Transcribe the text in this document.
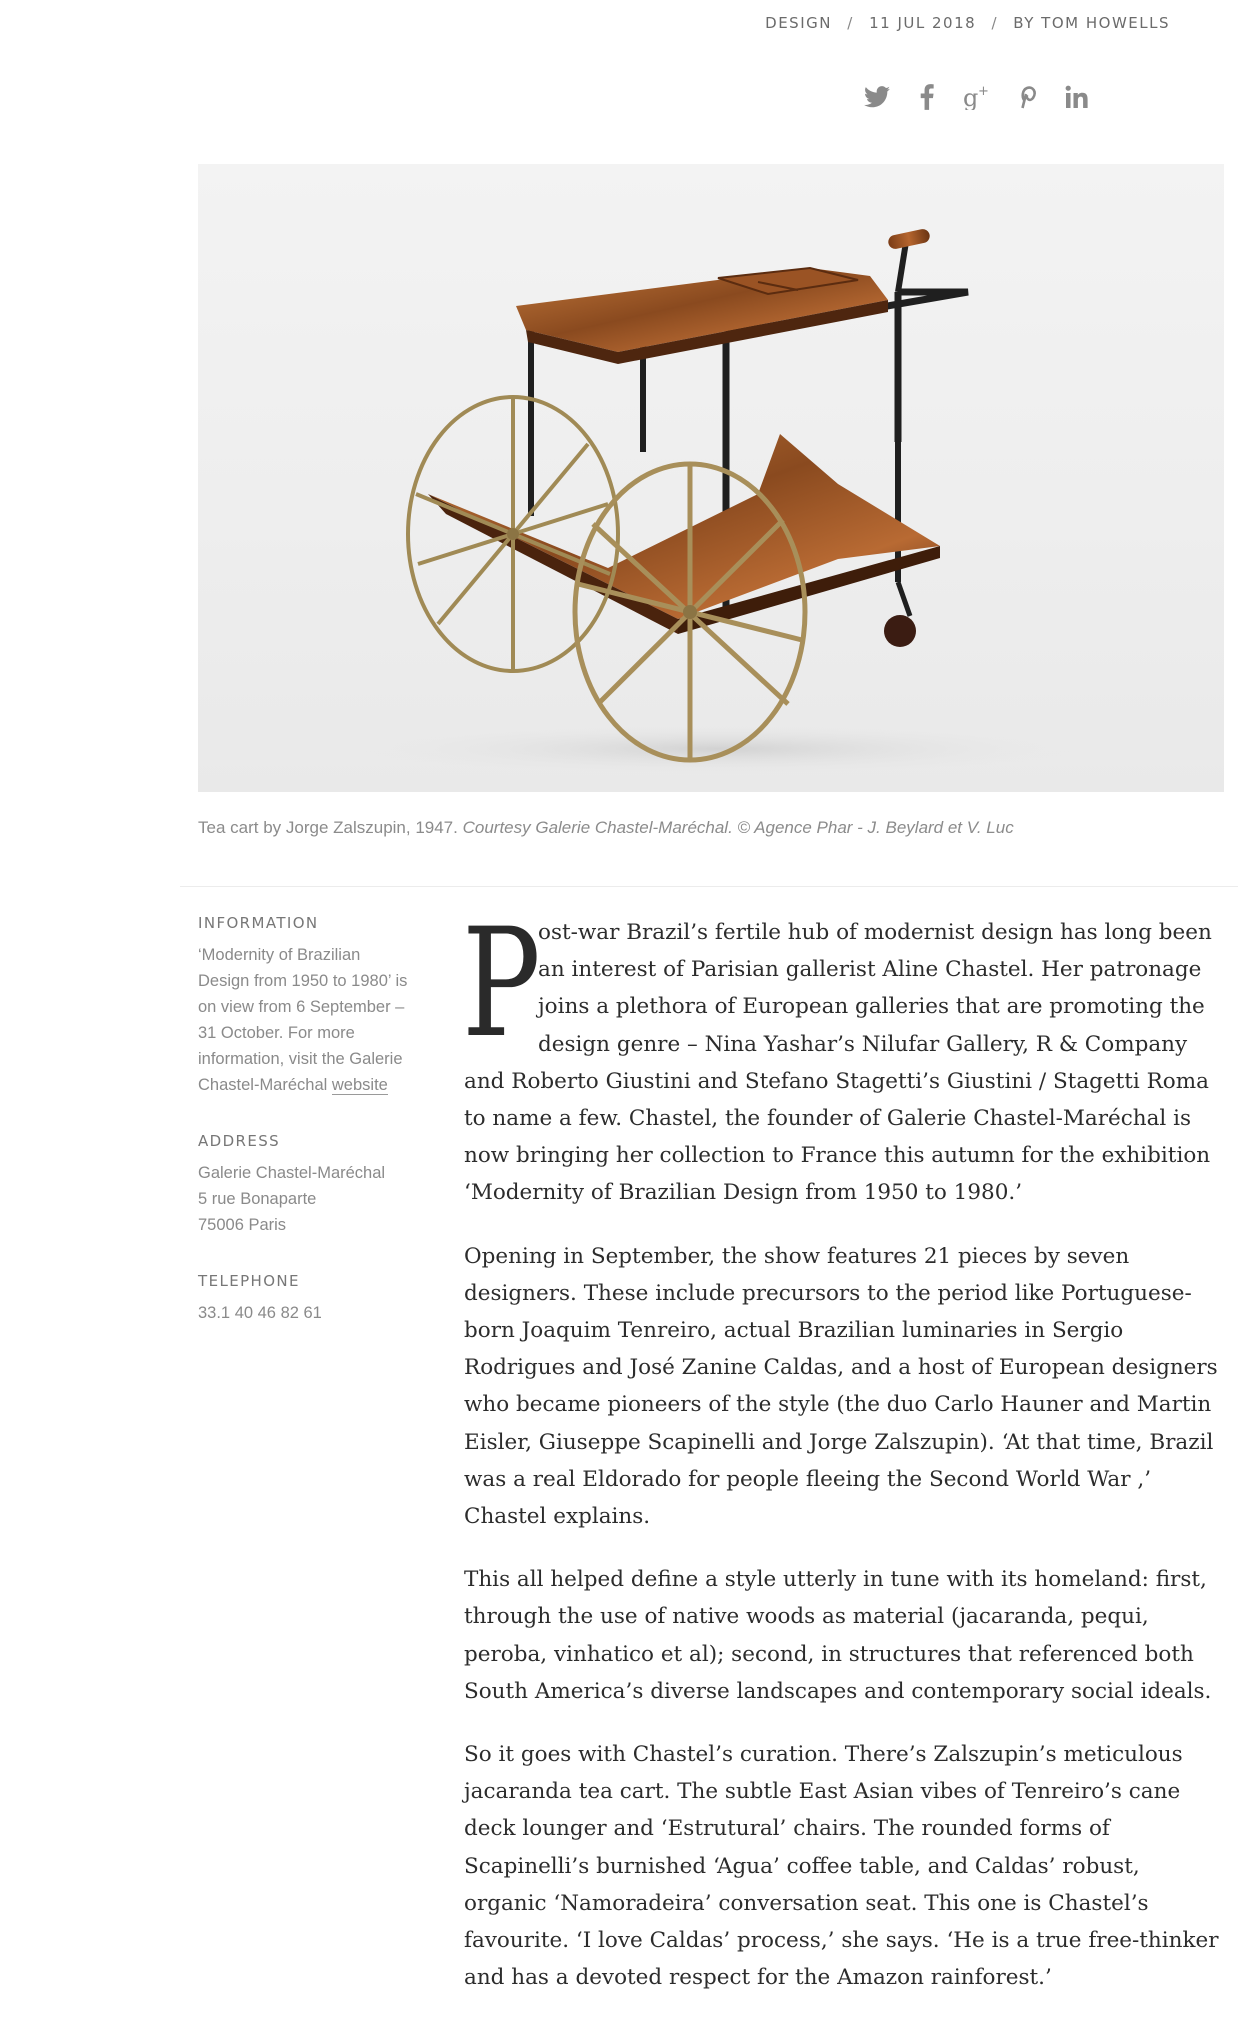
DESIGN / 11 JUL 2018 / BY TOM HOWELLS
g +
Tea cart by Jorge Zalszupin, 1947. Courtesy Galerie Chastel-Maréchal. © Agence Phar - J. Beylard et V. Luc
INFORMATION
‘Modernity of Brazilian
Design from 1950 to 1980’ is
on view from 6 September –
31 October. For more
information, visit the Galerie
Chastel-Maréchal website
ADDRESS
Galerie Chastel-Maréchal
5 rue Bonaparte
75006 Paris
TELEPHONE
33.1 40 46 82 61

P
ost-war Brazil’s fertile hub of modernist design has long been an interest of Parisian gallerist Aline Chastel. Her patronage joins a plethora of European galleries that are promoting the design genre – Nina Yashar’s Nilufar Gallery, R & Company and Roberto Giustini and Stefano Stagetti’s Giustini / Stagetti Roma to name a few. Chastel, the founder of Galerie Chastel-Maréchal is now bringing her collection to France this autumn for the exhibition ‘Modernity of Brazilian Design from 1950 to 1980.’

Opening in September, the show features 21 pieces by seven designers. These include precursors to the period like Portuguese-born Joaquim Tenreiro, actual Brazilian luminaries in Sergio Rodrigues and José Zanine Caldas, and a host of European designers who became pioneers of the style (the duo Carlo Hauner and Martin Eisler, Giuseppe Scapinelli and Jorge Zalszupin). ‘At that time, Brazil was a real Eldorado for people fleeing the Second World War ,’ Chastel explains.

This all helped define a style utterly in tune with its homeland: first, through the use of native woods as material (jacaranda, pequi, peroba, vinhatico et al); second, in structures that referenced both South America’s diverse landscapes and contemporary social ideals.

So it goes with Chastel’s curation. There’s Zalszupin’s meticulous jacaranda tea cart. The subtle East Asian vibes of Tenreiro’s cane deck lounger and ‘Estrutural’ chairs. The rounded forms of Scapinelli’s burnished ‘Agua’ coffee table, and Caldas’ robust, organic ‘Namoradeira’ conversation seat. This one is Chastel’s favourite. ‘I love Caldas’ process,’ she says. ‘He is a true free-thinker and has a devoted respect for the Amazon rainforest.’
